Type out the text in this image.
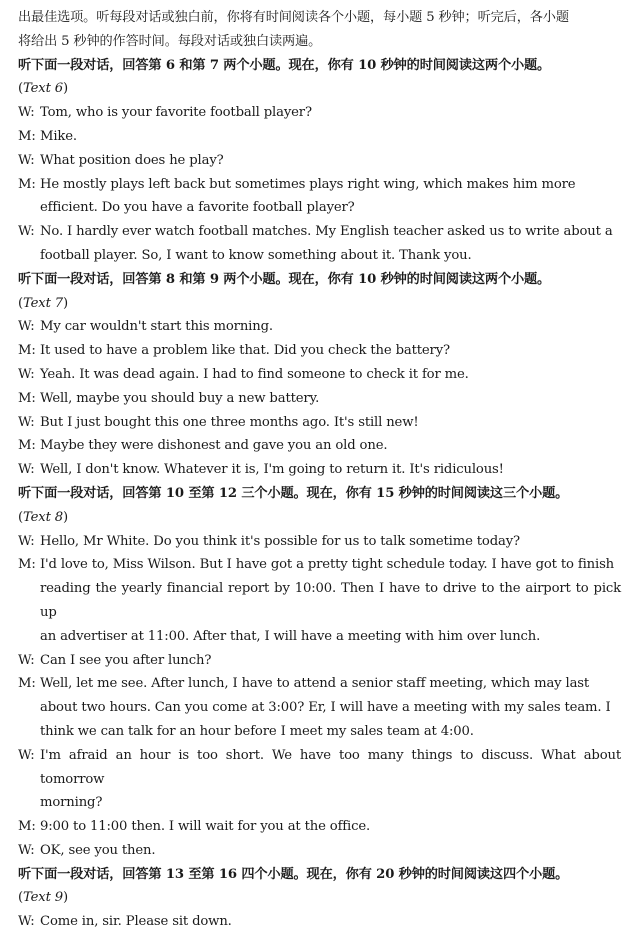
出最佳选项。听每段对话或独白前，你将有时间阅读各个小题，每小题 5 秒钟；听完后，各小题
将给出 5 秒钟的作答时间。每段对话或独白读两遍。
听下面一段对话，回答第 6 和第 7 两个小题。现在，你有 10 秒钟的时间阅读这两个小题。
( Text 6 )
W: Tom, who is your favorite football player?
M: Mike.
W: What position does he play?
M: He mostly plays left back but sometimes plays right wing, which makes him more
efficient. Do you have a favorite football player?
W: No. I hardly ever watch football matches. My English teacher asked us to write about a
football player. So, I want to know something about it. Thank you.
听下面一段对话，回答第 8 和第 9 两个小题。现在，你有 10 秒钟的时间阅读这两个小题。
( Text 7 )
W: My car wouldn't start this morning.
M: It used to have a problem like that. Did you check the battery?
W: Yeah. It was dead again. I had to find someone to check it for me.
M: Well, maybe you should buy a new battery.
W: But I just bought this one three months ago. It's still new!
M: Maybe they were dishonest and gave you an old one.
W: Well, I don't know. Whatever it is, I'm going to return it. It's ridiculous!
听下面一段对话，回答第 10 至第 12 三个小题。现在，你有 15 秒钟的时间阅读这三个小题。
( Text 8 )
W: Hello, Mr White. Do you think it's possible for us to talk sometime today?
M: I'd love to, Miss Wilson. But I have got a pretty tight schedule today. I have got to finish
reading the yearly financial report by 10:00. Then I have to drive to the airport to pick up
an advertiser at 11:00. After that, I will have a meeting with him over lunch.
W: Can I see you after lunch?
M: Well, let me see. After lunch, I have to attend a senior staff meeting, which may last
about two hours. Can you come at 3:00? Er, I will have a meeting with my sales team. I
think we can talk for an hour before I meet my sales team at 4:00.
W: I'm afraid an hour is too short. We have too many things to discuss. What about tomorrow
morning?
M: 9:00 to 11:00 then. I will wait for you at the office.
W: OK, see you then.
听下面一段对话，回答第 13 至第 16 四个小题。现在，你有 20 秒钟的时间阅读这四个小题。
( Text 9 )
W: Come in, sir. Please sit down.
